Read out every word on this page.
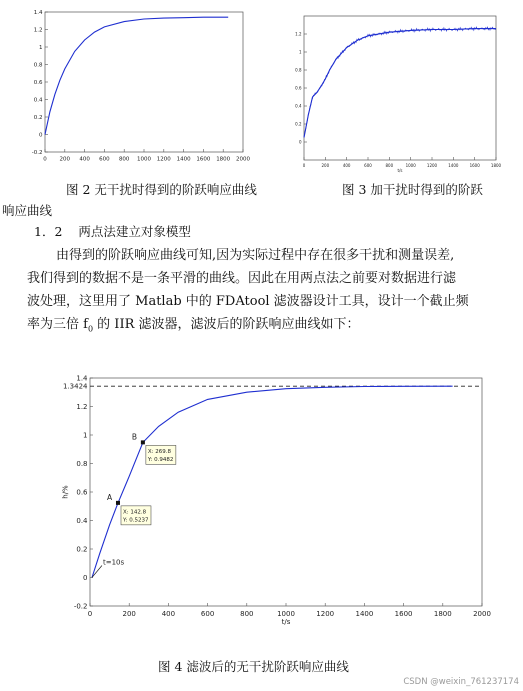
0 200 400 600 800 1000 1200 1400 1600 1800 2000
-0.2
0
0.2
0.4
0.6
0.8
1
1.2
1.4
0	200	400	600	800	1000	1200	1400	1600	1800
0
0.2
0.4
0.6
0.8
1
1.2
t/s
图 2 无干扰时得到的阶跃响应曲线	图 3 加干扰时得到的阶跃
响应曲线
1．2 两点法建立对象模型
由得到的阶跃响应曲线可知,因为实际过程中存在很多干扰和测量误差,
我们得到的数据不是一条平滑的曲线。因此在用两点法之前要对数据进行滤
波处理，这里用了 Matlab 中的 FDAtool 滤波器设计工具，设计一个截止频
率为三倍 $f_0$ 的 IIR 滤波器，滤波后的阶跃响应曲线如下：
0	200	400	600	800	1000	1200	1400	1600	1800	2000
-0.2
0
0.2
0.4
0.6
0.8
1
1.2
1.4
t/s
h/%
1.3424
A
X: 142.8
Y: 0.5237
B
X: 269.8
Y: 0.9482
t=10s
图 4 滤波后的无干扰阶跃响应曲线
CSDN @weixin_761237174
